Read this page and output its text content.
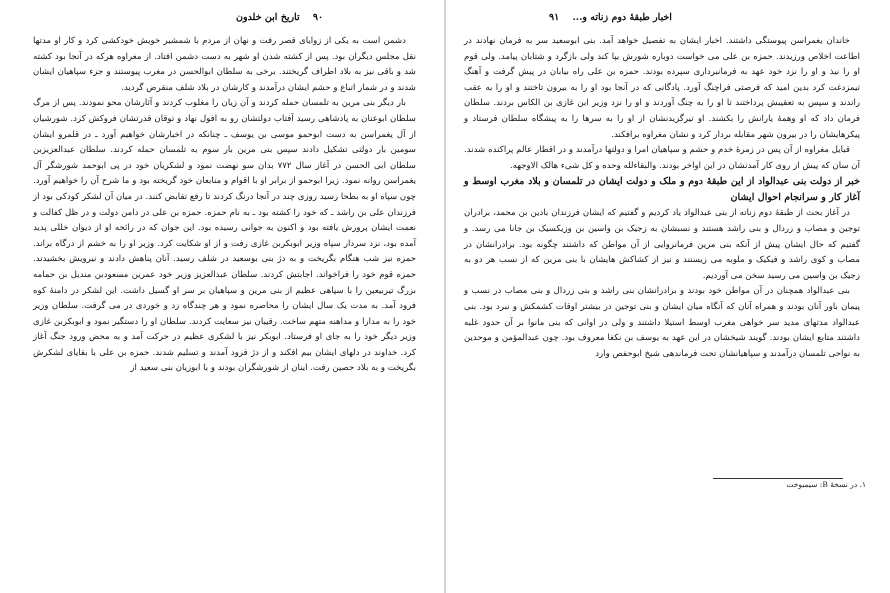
۹۰    تاریخ ابن خلدون

دشمن است به یکی از زوایای قصر رفت و نهان از مردم با شمشیر خویش خودکشی کرد و کار او مدتها نقل مجلس دیگران بود. پس از کشته شدن او شهر به دست دشمن افتاد. از مغراوه هرکه در آنجا بود کشته شد و باقی نیز به بلاد اطراف گریختند. برخی به سلطان ابوالحسن در مغرب پیوستند و جزء سپاهیان ایشان شدند و در شمار اتباع و حشم ایشان درآمدند و کارشان در بلاد شلف منقرض گردید.

بار دیگر بنی مرین به تلمسان حمله کردند و آن زیان را مغلوب کردند و آثارشان محو نمودند. پس از مرگ سلطان ابوعنان به پادشاهی رسید آفتاب دولتشان رو به افول نهاد و توقان قدرتشان فروکش کرد. شورشیان از آل یغمراسن به دست ابوحمو موسی بن یوسف ـ چنانکه در اخبارشان خواهیم آورد ـ در قلمرو ایشان سومین بار دولتی تشکیل دادند سپس بنی مرین بار سوم به تلمسان حمله کردند. سلطان عبدالعزیزبن سلطان ابی الحسن در آغاز سال ۷۷۲ بدان سو نهضت نمود و لشکریان خود در پی ابوحمد شورشگر آل یغمراسن روانه نمود. زیرا ابوحمو از برابر او با اقوام و منابعان خود گریخته بود و ما شرح آن را خواهیم آورد. چون سپاه او به بطحا رسید روزی چند در آنجا درنگ کردند تا رفع تقابض کنند. در میان آن لشکر کودکی بود از فرزندان علی بن راشد ـ که خود را کشته بود ـ به نام حمزه. حمزه بن علی در دامن دولت و در ظل کفالت و نعمت ایشان پرورش یافته بود و اکنون به جوانی رسیده بود. این جوان که در رائحه او از دیوان خللی پدید آمده بود، نزد سردار سپاه وزیر ابوبکربن غازی رفت و از او شکایت کرد. وزیر او را به خشم از درگاه براند. حمزه نیز شب هنگام بگریخت و به دژ بنی بوسعید در شلف رسید. آنان پناهش دادند و نیرویش بخشیدند. حمزه قوم خود را فراخواند. اجابتش کردند. سلطان عبدالعزیز وزیر خود عمرین مسعودبن مندیل بن حمامه بزرگ تیربیعین را با سپاهی عظیم از بنی مرین و سپاهیان بر سر او گسیل داشت. این لشکر در دامنهٔ کوه فرود آمد. به مدت یک سال ایشان را محاصره نمود و هر چندگاه زد و خوردی در می گرفت. سلطان وزیر خود را به مدارا و مداهنه متهم ساخت. رقیبان نیز سعایت کردند. سلطان او را دستگیر نمود و ابوبکربن غازی وزیر دیگر خود را به جای او فرستاد. ابوبکر نیز با لشکری عظیم در حرکت آمد و به محض ورود جنگ آغاز کرد. خداوند در دلهای ایشان بیم افکند و از دژ فرود آمدند و تسلیم شدند. حمزه بن علی با بقایای لشکرش بگریخت و به بلاد حصین رفت. اینان از شورشگران بودند و با ابوزیان بنی سعید از

اخبار طبقهٔ دوم زناته و...    ۹۱

خاندان یغمراسن پیوستگی داشتند. اخبار ایشان به تفصیل خواهد آمد. بنی ابوسعید سر به فرمان نهادند در اطاعت اخلاص ورزیدند. حمزه بن علی می خواست دوباره شورش بپا کند ولی بازگرد و شتابان پیامد. ولی قوم او را نیذ و او را نزد خود عهد به فرمانبرداری سپرده بودند. حمزه بن علی راه بیابان در پیش گرفت و آهنگ تیمزدغت کرد بدین امید که فرصتی فراچنگ آورد. پادگانی که در آنجا بود او را به بیرون تاختند و او را به عقب راندند و سپس به تعقیبش پرداختند تا او را به چنگ آوردند و او را نزد وزیر ابن غازی بن الکاس بردند. سلطان فرمان داد که او وهمهٔ یارانش را بکشند. او تیرگزیدنشان از او را به سرها را به پیشگاه سلطان فرستاد و پیکرهایشان را در بیرون شهر مقابله بردار کرد و نشان مغراوه برافکند.

قبایل مغراوه از آن پس در زمرهٔ خدم و حشم و سپاهیان امرا و دولتها درآمدند و در اقطار عالم پراکنده شدند. آن سان که پیش از روی کار آمدنشان در این اواخر بودند. والبقاءلله وحده و کل شیء هالک الاوجهه.

خبر از دولت بنی عبدالواد از این طبقهٔ دوم و ملک و دولت ایشان در تلمسان و بلاد مغرب اوسط و آغاز کار و سرانجام احوال ایشان

در آغاز بحث از طبقهٔ دوم زناته از بنی عبدالواد یاد کردیم و گفتیم که ایشان فرزندان بادین بن محمد، برادران توجین و مصاب و زردال و بنی راشد هستند و نسبشان به زجیک بن واسین بن وزیکسیک بن جانا می رسد. و گفتیم که حال ایشان پیش از آنکه بنی مرین فرمانروایی از آن مواطن که داشتند چگونه بود. برادرانشان در مصاب و کوی راشد و فیکیک و ملوبه می زیستند و نیز از کشاکش هایشان با بنی مرین که از نسب هر دو به زجیک بن واسین می رسید سخن می آوردیم.

بنی عبدالواد همچنان در آن مواطن خود بودند و برادرانشان بنی راشد و بنی زردال و بنی مصاب در نسب و پیمان باور آنان بودند و همراه آنان که آنگاه میان ایشان و بنی توجین در بیشتر اوقات کشمکش و نبرد بود. بنی عبدالواد مدتهای مدید سر خواهی مغرب اوسط استیلا داشتند و ولی در اوانی که بنی مانوا بر آن حدود غلبه داشتند متابع ایشان بودند. گویند شیخشان در این عهد به یوسف بن نکغا معروف بود. چون عبدالمؤمن و موحدین به نواحی تلمسان درآمدند و سپاهیانشان تحت فرماندهی شیخ ابوحفص وارد

۱. در نسخهٔ B: سیمبوخت
